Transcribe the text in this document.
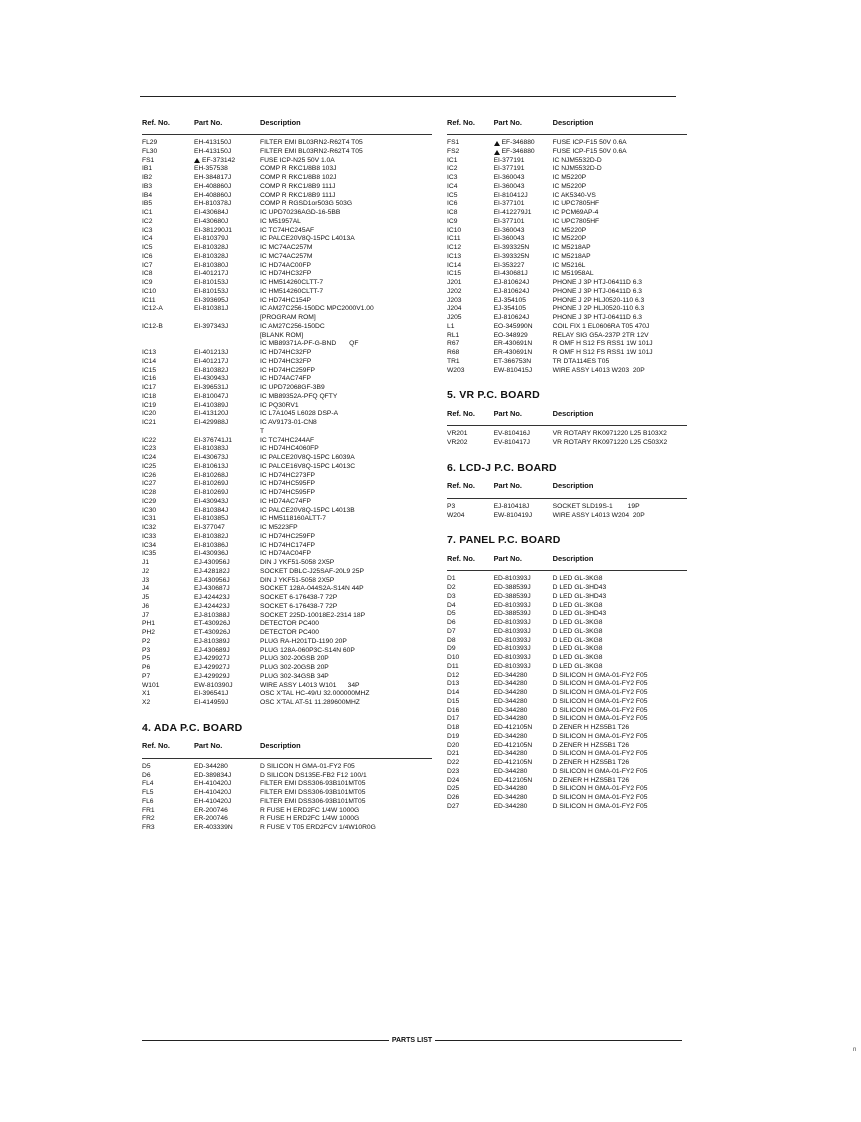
Ref. No.	Part No.	Description
FL29	EH-413150J	FILTER EMI BL03RN2-R62T4 T05
FL30	EH-413150J	FILTER EMI BL03RN2-R62T4 T05
FS1	EF-373142	FUSE ICP-N25 50V 1.0A
IB1	EH-357538	COMP R RKC1/8B8 103J
IB2	EH-384817J	COMP R RKC1/8B8 102J
IB3	EH-408860J	COMP R RKC1/8B9 111J
IB4	EH-408860J	COMP R RKC1/8B9 111J
IB5	EH-810378J	COMP R RGSD1or503G 503G
IC1	EI-430684J	IC UPD70236AGD-16-5BB
IC2	EI-430680J	IC M51957AL
IC3	EI-381290J1	IC TC74HC245AF
IC4	EI-810379J	IC PALCE20V8Q-15PC L4013A
IC5	EI-810328J	IC MC74AC257M
IC6	EI-810328J	IC MC74AC257M
IC7	EI-810380J	IC HD74AC00FP
IC8	EI-401217J	IC HD74HC32FP
IC9	EI-810153J	IC HM514260CLTT-7
IC10	EI-810153J	IC HM514260CLTT-7
IC11	EI-393695J	IC HD74HC154P
IC12-A	EI-810381J	IC AM27C256-150DC MPC2000V1.00
[PROGRAM ROM]
IC12-B	EI-397343J	IC AM27C256-150DC
[BLANK ROM]
IC MB89371A-PF-G-BND       QF
IC13	EI-401213J	IC HD74HC32FP
IC14	EI-401217J	IC HD74HC32FP
IC15	EI-810382J	IC HD74HC259FP
IC16	EI-430943J	IC HD74AC74FP
IC17	EI-396531J	IC UPD72068GF-3B9
IC18	EI-810047J	IC MB89352A-PFQ QFTY
IC19	EI-410389J	IC PQ30RV1
IC20	EI-413120J	IC L7A1045 L6028 DSP-A
IC21	EI-429988J	IC AV9173-01-CN8
T
IC22	EI-376741J1	IC TC74HC244AF
IC23	EI-810383J	IC HD74HC4060FP
IC24	EI-430673J	IC PALCE20V8Q-15PC L6039A
IC25	EI-810613J	IC PALCE16V8Q-15PC L4013C
IC26	EI-810268J	IC HD74HC273FP
IC27	EI-810269J	IC HD74HC595FP
IC28	EI-810269J	IC HD74HC595FP
IC29	EI-430943J	IC HD74AC74FP
IC30	EI-810384J	IC PALCE20V8Q-15PC L4013B
IC31	EI-810385J	IC HM5118160ALTT-7
IC32	EI-377047	IC M5223FP
IC33	EI-810382J	IC HD74HC259FP
IC34	EI-810386J	IC HD74HC174FP
IC35	EI-430936J	IC HD74AC04FP
J1	EJ-430956J	DIN J YKF51-5058 2X5P
J2	EJ-428182J	SOCKET DBLC-J25SAF-20L9 25P
J3	EJ-430956J	DIN J YKF51-5058 2X5P
J4	EJ-430687J	SOCKET 128A-044S2A-S14N 44P
J5	EJ-424423J	SOCKET 6-176438-7 72P
J6	EJ-424423J	SOCKET 6-176438-7 72P
J7	EJ-810388J	SOCKET 225D-10018E2-2314 18P
PH1	ET-430926J	DETECTOR PC400
PH2	ET-430926J	DETECTOR PC400
P2	EJ-810389J	PLUG RA-H201TD-1190 20P
P3	EJ-430689J	PLUG 128A-060P3C-S14N 60P
P5	EJ-429927J	PLUG 302-20GSB 20P
P6	EJ-429927J	PLUG 302-20GSB 20P
P7	EJ-429929J	PLUG 302-34GSB 34P
W101	EW-810390J	WIRE ASSY L4013 W101      34P
X1	EI-396541J	OSC X'TAL HC-49/U 32.000000MHZ
X2	EI-414959J	OSC X'TAL AT-51 11.289600MHZ
4. ADA P.C. BOARD
Ref. No.	Part No.	Description
D5	ED-344280	D SILICON H GMA-01-FY2 F05
D6	ED-389834J	D SILICON DS135E-FB2 F12 100/1
FL4	EH-410420J	FILTER EMI DSS306-93B101MT05
FL5	EH-410420J	FILTER EMI DSS306-93B101MT05
FL6	EH-410420J	FILTER EMI DSS306-93B101MT05
FR1	ER-200746	R FUSE H ERD2FC 1/4W 1000G
FR2	ER-200746	R FUSE H ERD2FC 1/4W 1000G
FR3	ER-403339N	R FUSE V T05 ERD2FCV 1/4W10R0G
Ref. No.	Part No.	Description
FS1	EF-346880	FUSE ICP-F15 50V 0.6A
FS2	EF-346880	FUSE ICP-F15 50V 0.6A
IC1	EI-377191	IC NJM5532D-D
IC2	EI-377191	IC NJM5532D-D
IC3	EI-360043	IC M5220P
IC4	EI-360043	IC M5220P
IC5	EI-810412J	IC AK5340-VS
IC6	EI-377101	IC UPC7805HF
IC8	EI-412279J1	IC PCM69AP-4
IC9	EI-377101	IC UPC7805HF
IC10	EI-360043	IC M5220P
IC11	EI-360043	IC M5220P
IC12	EI-393325N	IC M5218AP
IC13	EI-393325N	IC M5218AP
IC14	EI-353227	IC M5216L
IC15	EI-430681J	IC M51958AL
J201	EJ-810624J	PHONE J 3P HTJ-06411D 6.3
J202	EJ-810624J	PHONE J 3P HTJ-06411D 6.3
J203	EJ-354105	PHONE J 2P HLJ0520-110 6.3
J204	EJ-354105	PHONE J 2P HLJ0520-110 6.3
J205	EJ-810624J	PHONE J 3P HTJ-06411D 6.3
L1	EO-345990N	COIL FIX 1 EL0606RA T05 470J
RL1	EO-348929	RELAY SIG G5A-237P 2TR 12V
R67	ER-430691N	R OMF H S12 FS RSS1 1W 101J
R68	ER-430691N	R OMF H S12 FS RSS1 1W 101J
TR1	ET-366753N	TR DTA114ES T05
W203	EW-810415J	WIRE ASSY L4013 W203  20P
5. VR P.C. BOARD
Ref. No.	Part No.	Description
VR201	EV-810416J	VR ROTARY RK0971220 L25 B103X2
VR202	EV-810417J	VR ROTARY RK0971220 L25 C503X2
6. LCD-J P.C. BOARD
Ref. No.	Part No.	Description
P3	EJ-810418J	SOCKET SLD19S-1        19P
W204	EW-810419J	WIRE ASSY L4013 W204  20P
7. PANEL P.C. BOARD
Ref. No.	Part No.	Description
D1	ED-810393J	D LED GL-3KG8
D2	ED-388539J	D LED GL-3HD43
D3	ED-388539J	D LED GL-3HD43
D4	ED-810393J	D LED GL-3KG8
D5	ED-388539J	D LED GL-3HD43
D6	ED-810393J	D LED GL-3KG8
D7	ED-810393J	D LED GL-3KG8
D8	ED-810393J	D LED GL-3KG8
D9	ED-810393J	D LED GL-3KG8
D10	ED-810393J	D LED GL-3KG8
D11	ED-810393J	D LED GL-3KG8
D12	ED-344280	D SILICON H GMA-01-FY2 F05
D13	ED-344280	D SILICON H GMA-01-FY2 F05
D14	ED-344280	D SILICON H GMA-01-FY2 F05
D15	ED-344280	D SILICON H GMA-01-FY2 F05
D16	ED-344280	D SILICON H GMA-01-FY2 F05
D17	ED-344280	D SILICON H GMA-01-FY2 F05
D18	ED-412105N	D ZENER H HZS5B1 T26
D19	ED-344280	D SILICON H GMA-01-FY2 F05
D20	ED-412105N	D ZENER H HZS5B1 T26
D21	ED-344280	D SILICON H GMA-01-FY2 F05
D22	ED-412105N	D ZENER H HZS5B1 T26
D23	ED-344280	D SILICON H GMA-01-FY2 F05
D24	ED-412105N	D ZENER H HZS5B1 T26
D25	ED-344280	D SILICON H GMA-01-FY2 F05
D26	ED-344280	D SILICON H GMA-01-FY2 F05
D27	ED-344280	D SILICON H GMA-01-FY2 F05
PARTS LIST
n
